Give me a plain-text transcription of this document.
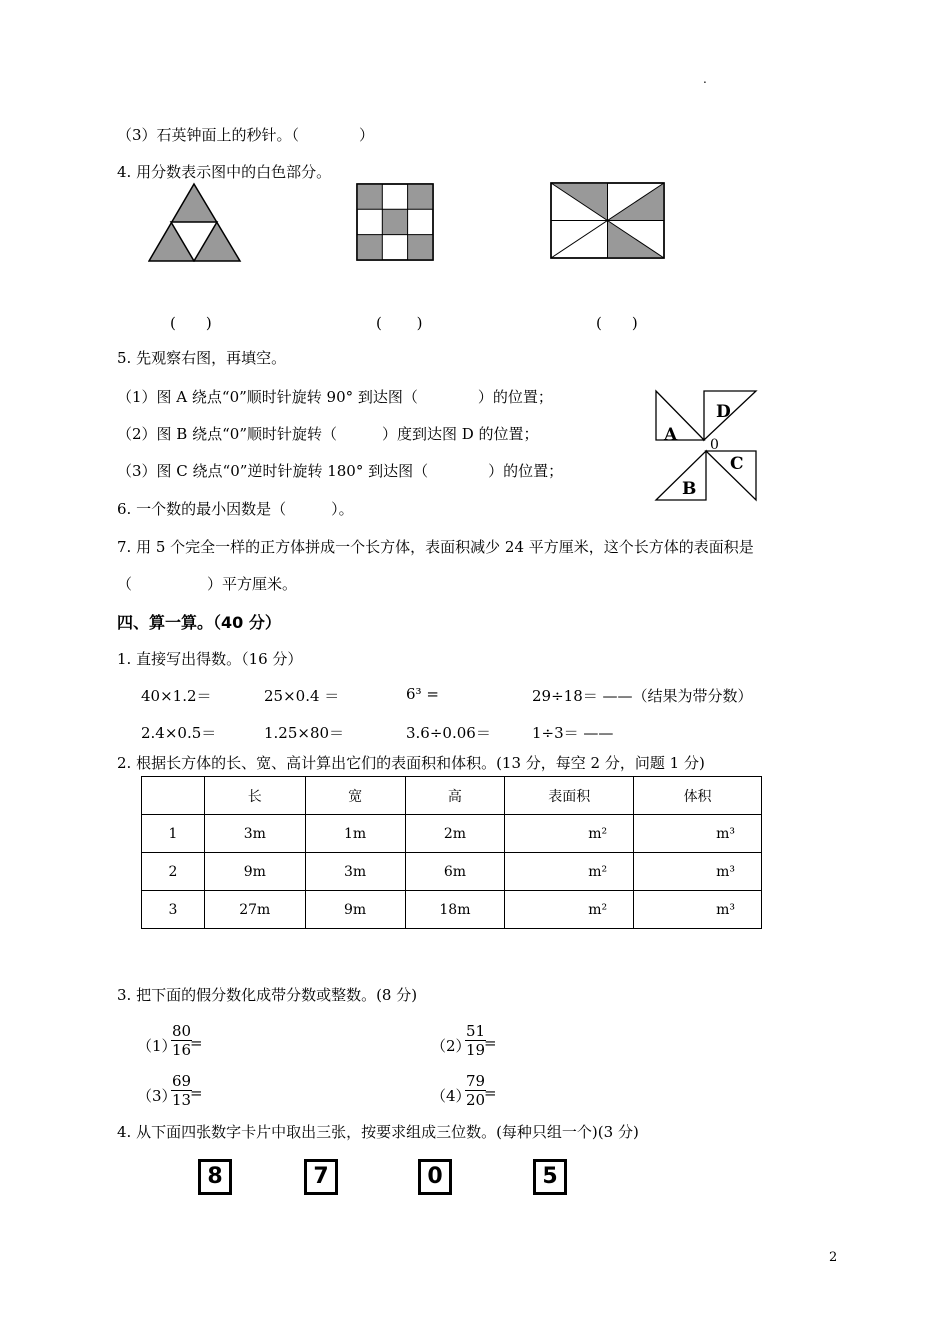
.
（3）石英钟面上的秒针。（　　　　）
4. 用分数表示图中的白色部分。
(　　)	(　　 )	(　　)
5. 先观察右图，再填空。
（1）图 A 绕点“0”顺时针旋转 90° 到达图（　　　　）的位置；
（2）图 B 绕点“0”顺时针旋转（　　　）度到达图 D 的位置；
（3）图 C 绕点“0”逆时针旋转 180° 到达图（　　　　）的位置；
A
D
0
C
B
6. 一个数的最小因数是（　　　）。
7. 用 5 个完全一样的正方体拼成一个长方体，表面积减少 24 平方厘米，这个长方体的表面积是
（　　　　　）平方厘米。
四、算一算。（40 分）
1. 直接写出得数。（16 分）
40×1.2＝	25×0.4 ＝	6³ =	29÷18＝ ——（结果为带分数）
2.4×0.5＝	1.25×80＝	3.6÷0.06＝	1÷3＝ ——
2. 根据长方体的长、宽、高计算出它们的表面积和体积。(13 分，每空 2 分，问题 1 分)
	长	宽	高	表面积	体积
1	3m	1m	2m	m²	m³
2	9m	3m	6m	m²	m³
3	27m	9m	18m	m²	m³
3. 把下面的假分数化成带分数或整数。(8 分)
（1）
$\frac{80}{16}$
=	（2）
$\frac{51}{19}$
=
（3）
$\frac{69}{13}$
=	（4）
$\frac{79}{20}$
=
4. 从下面四张数字卡片中取出三张，按要求组成三位数。(每种只组一个)(3 分)
8	7	0	5
2
